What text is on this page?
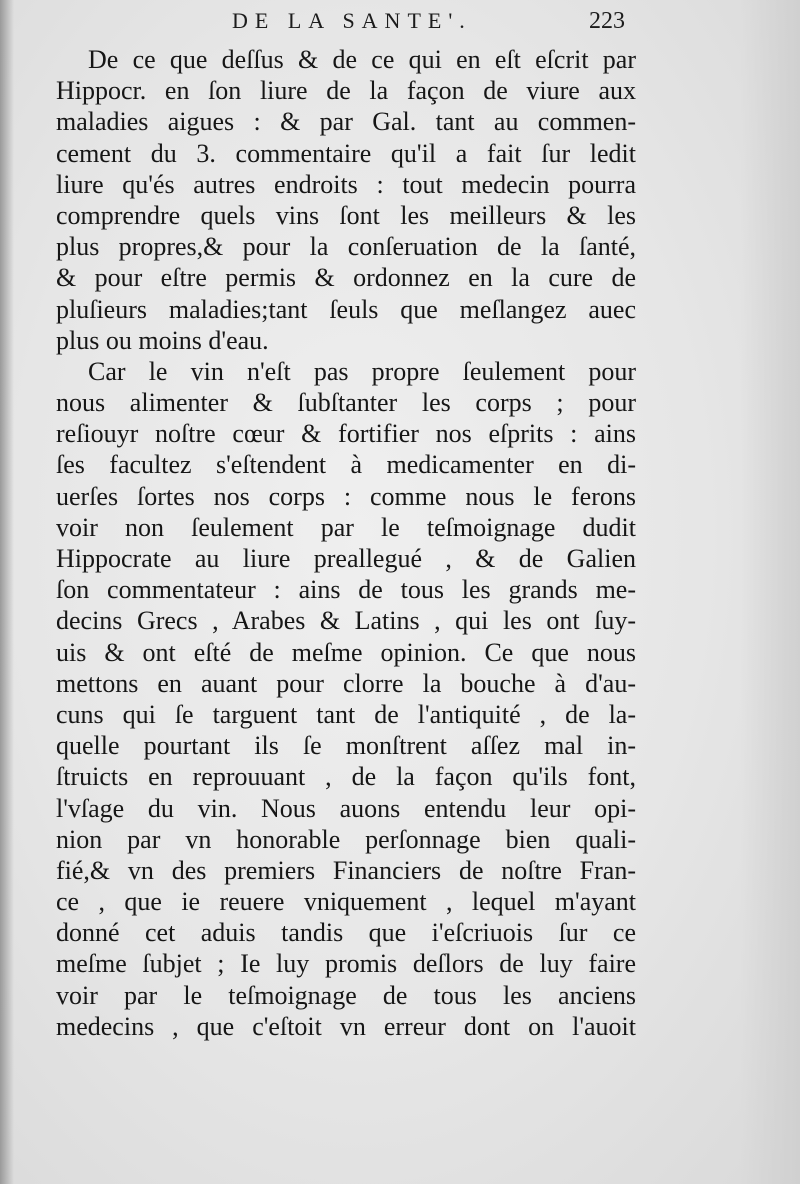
DE LA SANTE'.	223
De ce que deſſus & de ce qui en eſt eſcrit par
Hippocr. en ſon liure de la façon de viure aux
maladies aigues : & par Gal. tant au commen-
cement du 3. commentaire qu'il a fait ſur ledit
liure qu'és autres endroits : tout medecin pourra
comprendre quels vins ſont les meilleurs & les
plus propres,& pour la conſeruation de la ſanté,
& pour eſtre permis & ordonnez en la cure de
pluſieurs maladies;tant ſeuls que meſlangez auec
plus ou moins d'eau.
Car le vin n'eſt pas propre ſeulement pour
nous alimenter & ſubſtanter les corps ; pour
reſiouyr noſtre cœur & fortifier nos eſprits : ains
ſes facultez s'eſtendent à medicamenter en di-
uerſes ſortes nos corps : comme nous le ferons
voir non ſeulement par le teſmoignage dudit
Hippocrate au liure preallegué , & de Galien
ſon commentateur : ains de tous les grands me-
decins Grecs , Arabes & Latins , qui les ont ſuy-
uis & ont eſté de meſme opinion. Ce que nous
mettons en auant pour clorre la bouche à d'au-
cuns qui ſe targuent tant de l'antiquité , de la-
quelle pourtant ils ſe monſtrent aſſez mal in-
ſtruicts en reprouuant , de la façon qu'ils font,
l'vſage du vin. Nous auons entendu leur opi-
nion par vn honorable perſonnage bien quali-
fié,& vn des premiers Financiers de noſtre Fran-
ce , que ie reuere vniquement , lequel m'ayant
donné cet aduis tandis que i'eſcriuois ſur ce
meſme ſubjet ; Ie luy promis deſlors de luy faire
voir par le teſmoignage de tous les anciens
medecins , que c'eſtoit vn erreur dont on l'auoit
